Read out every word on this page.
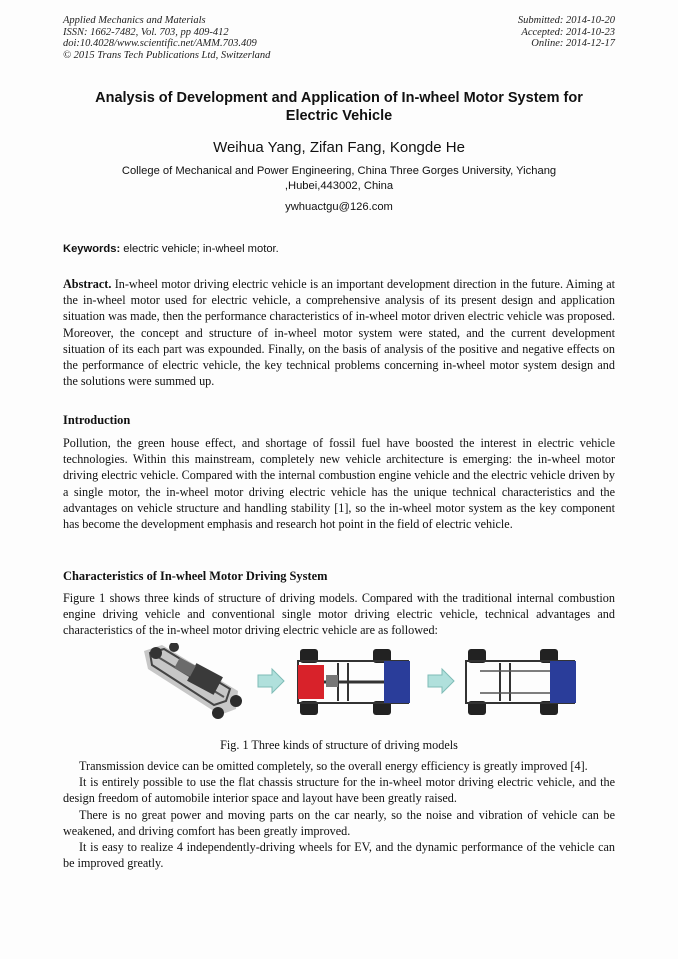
Applied Mechanics and Materials
ISSN: 1662-7482, Vol. 703, pp 409-412
doi:10.4028/www.scientific.net/AMM.703.409
© 2015 Trans Tech Publications Ltd, Switzerland
Submitted: 2014-10-20
Accepted: 2014-10-23
Online: 2014-12-17
Analysis of Development and Application of In-wheel Motor System for
Electric Vehicle
Weihua Yang, Zifan Fang, Kongde He
College of Mechanical and Power Engineering, China Three Gorges University, Yichang
,Hubei,443002, China
ywhuactgu@126.com
Keywords: electric vehicle; in-wheel motor.
Abstract. In-wheel motor driving electric vehicle is an important development direction in the future. Aiming at the in-wheel motor used for electric vehicle, a comprehensive analysis of its present design and application situation was made, then the performance characteristics of in-wheel motor driven electric vehicle was proposed. Moreover, the concept and structure of in-wheel motor system were stated, and the current development situation of its each part was expounded. Finally, on the basis of analysis of the positive and negative effects on the performance of electric vehicle, the key technical problems concerning in-wheel motor system design and the solutions were summed up.
Introduction
Pollution, the green house effect, and shortage of fossil fuel have boosted the interest in electric vehicle technologies. Within this mainstream, completely new vehicle architecture is emerging: the in-wheel motor driving electric vehicle. Compared with the internal combustion engine vehicle and the electric vehicle driven by a single motor, the in-wheel motor driving electric vehicle has the unique technical characteristics and the advantages on vehicle structure and handling stability [1], so the in-wheel motor system as the key component has become the development emphasis and research hot point in the field of electric vehicle.
Characteristics of In-wheel Motor Driving System
Figure 1 shows three kinds of structure of driving models. Compared with the traditional internal combustion engine driving vehicle and conventional single motor driving electric vehicle, technical advantages and characteristics of the in-wheel motor driving electric vehicle are as followed:
Fig. 1 Three kinds of structure of driving models

Transmission device can be omitted completely, so the overall energy efficiency is greatly improved [4].

It is entirely possible to use the flat chassis structure for the in-wheel motor driving electric vehicle, and the design freedom of automobile interior space and layout have been greatly raised.

There is no great power and moving parts on the car nearly, so the noise and vibration of vehicle can be weakened, and driving comfort has been greatly improved.

It is easy to realize 4 independently-driving wheels for EV, and the dynamic performance of the vehicle can be improved greatly.
